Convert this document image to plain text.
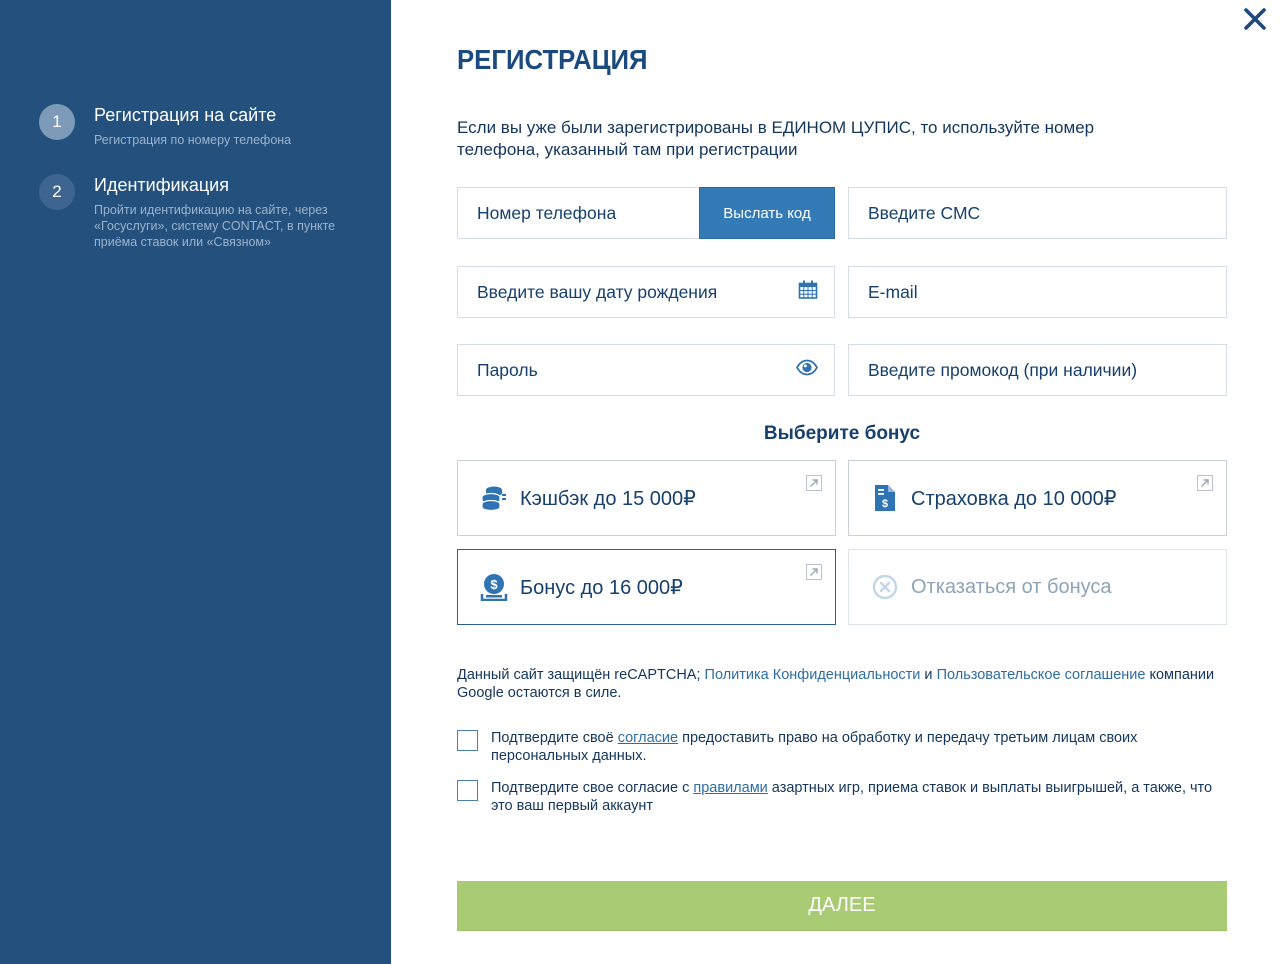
1	Регистрация на сайте
Регистрация по номеру телефона
2	Идентификация
Пройти идентификацию на сайте, через «Госуслуги», систему CONTACT, в пункте приёма ставок или «Связном»
РЕГИСТРАЦИЯ
Если вы уже были зарегистрированы в ЕДИНОМ ЦУПИС, то используйте номер телефона, указанный там при регистрации
Номер телефона	Выслать код	Введите СМС
Введите вашу дату рождения	E-mail
Пароль	Введите промокод (при наличии)
Выберите бонус
Кэшбэк до 15 000₽	$ Страховка до 10 000₽
$ Бонус до 16 000₽	Отказаться от бонуса
Данный сайт защищён reCAPTCHA; Политика Конфиденциальности и Пользовательское соглашение компании Google остаются в силе.
Подтвердите своё согласие предоставить право на обработку и передачу третьим лицам своих персональных данных.
Подтвердите свое согласие с правилами азартных игр, приема ставок и выплаты выигрышей, а также, что это ваш первый аккаунт
ДАЛЕЕ
